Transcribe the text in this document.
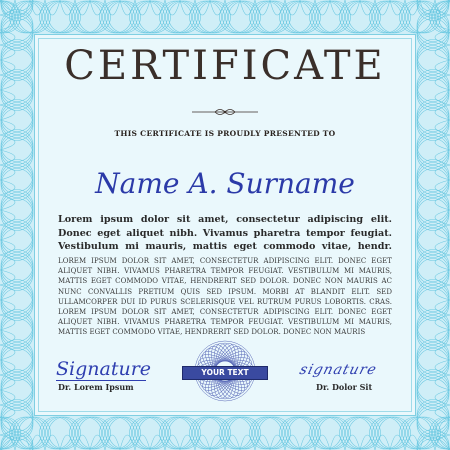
CERTIFICATE
THIS CERTIFICATE IS PROUDLY PRESENTED TO
Name A. Surname
Lorem ipsum dolor sit amet, consectetur adipiscing elit. Donec eget aliquet nibh. Vivamus pharetra tempor feugiat. Vestibulum mi mauris, mattis eget commodo vitae, hendr.
LOREM IPSUM DOLOR SIT AMET, CONSECTETUR ADIPISCING ELIT. DONEC EGET ALIQUET NIBH. VIVAMUS PHARETRA TEMPOR FEUGIAT. VESTIBULUM MI MAURIS, MATTIS EGET COMMODO VITAE, HENDRERIT SED DOLOR. DONEC NON MAURIS AC NUNC CONVALLIS PRETIUM QUIS SED IPSUM. MORBI AT BLANDIT ELIT. SED ULLAMCORPER DUI ID PURUS SCELERISQUE VEL RUTRUM PURUS LOBORTIS. CRAS. LOREM IPSUM DOLOR SIT AMET, CONSECTETUR ADIPISCING ELIT. DONEC EGET ALIQUET NIBH. VIVAMUS PHARETRA TEMPOR FEUGIAT. VESTIBULUM MI MAURIS, MATTIS EGET COMMODO VITAE, HENDRERIT SED DOLOR. DONEC NON MAURIS
Signature
Dr. Lorem Ipsum
YOUR TEXT	signature
Dr. Dolor Sit
